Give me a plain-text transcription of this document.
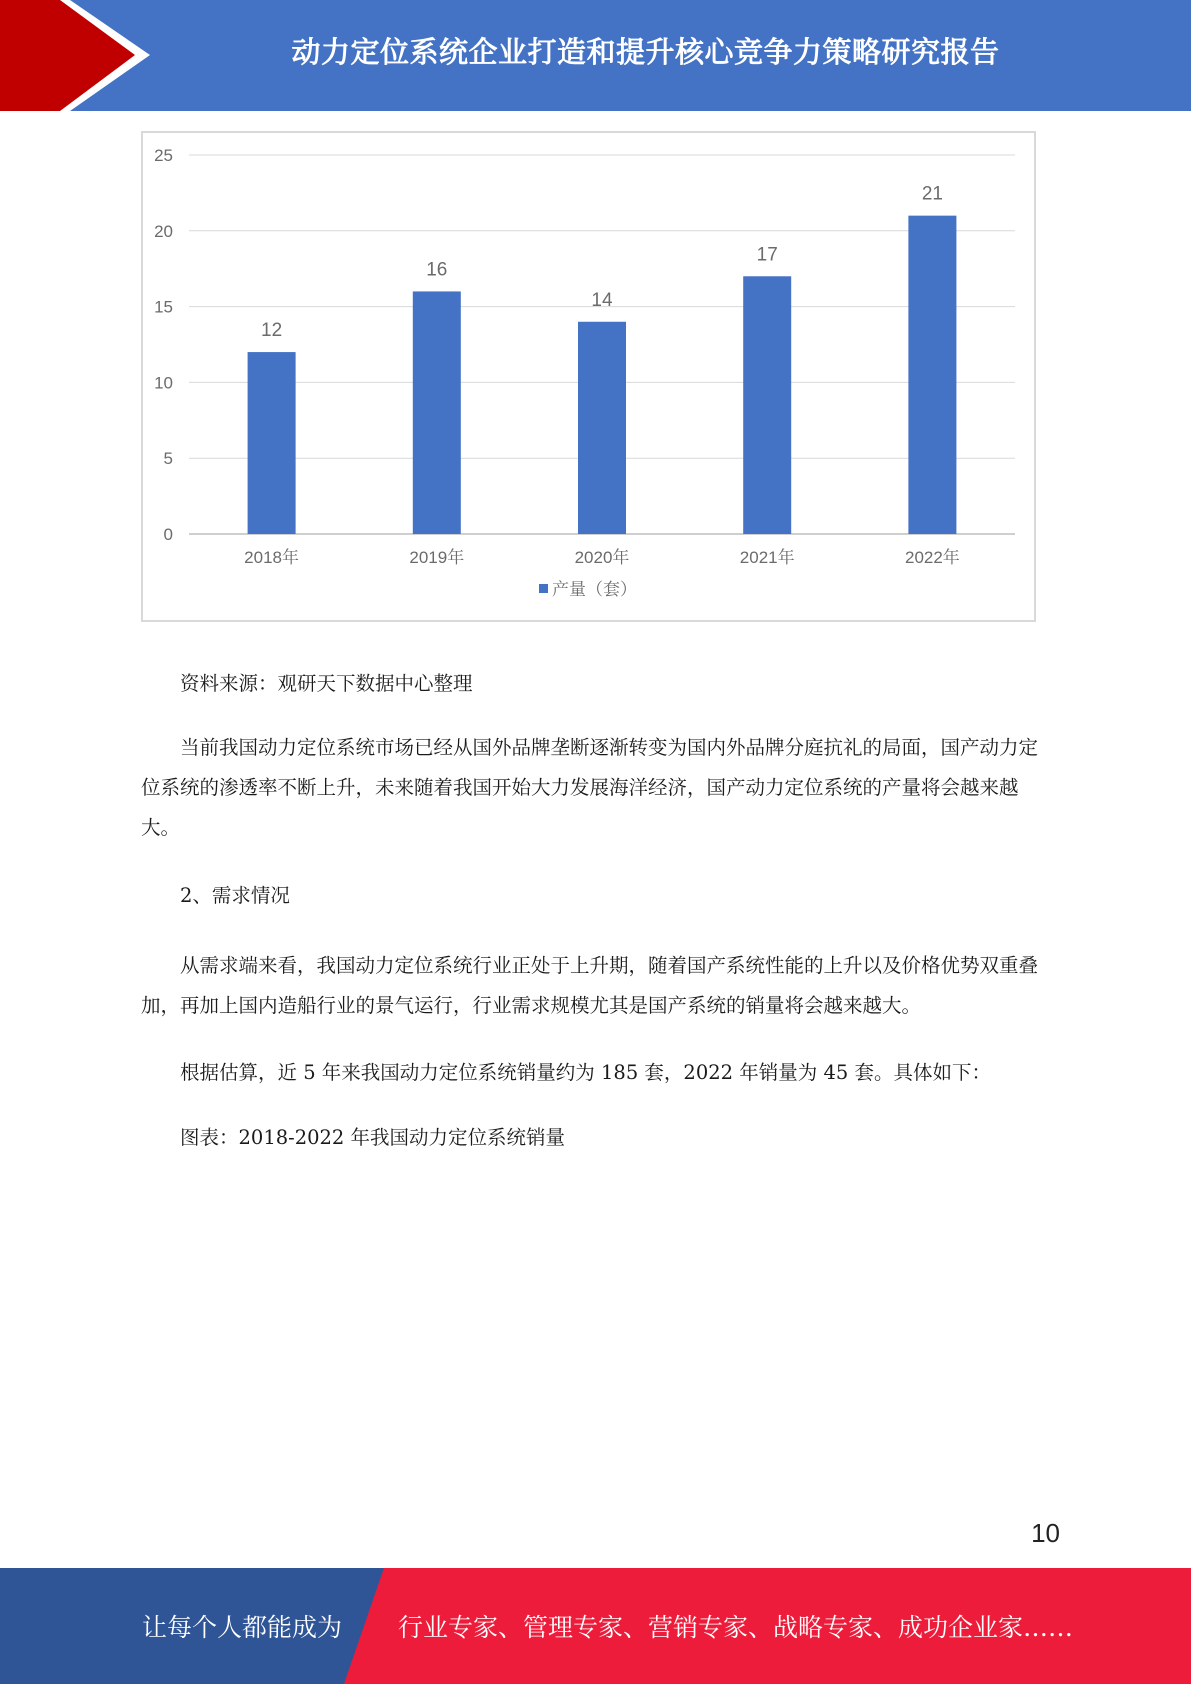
动力定位系统企业打造和提升核心竞争力策略研究报告
0
5
10
15
20
25
12
2018年
16
2019年
14
2020年
17
2021年
21
2022年
产量（套）

资料来源：观研天下数据中心整理

当前我国动力定位系统市场已经从国外品牌垄断逐渐转变为国内外品牌分庭抗礼的局面，国产动力定位系统的渗透率不断上升，未来随着我国开始大力发展海洋经济，国产动力定位系统的产量将会越来越大。

2、需求情况

从需求端来看，我国动力定位系统行业正处于上升期，随着国产系统性能的上升以及价格优势双重叠加，再加上国内造船行业的景气运行，行业需求规模尤其是国产系统的销量将会越来越大。

根据估算，近 5 年来我国动力定位系统销量约为 185 套，2022 年销量为 45 套。具体如下：

图表：2018-2022 年我国动力定位系统销量

10
让每个人都能成为 行业专家、管理专家、营销专家、战略专家、成功企业家……
